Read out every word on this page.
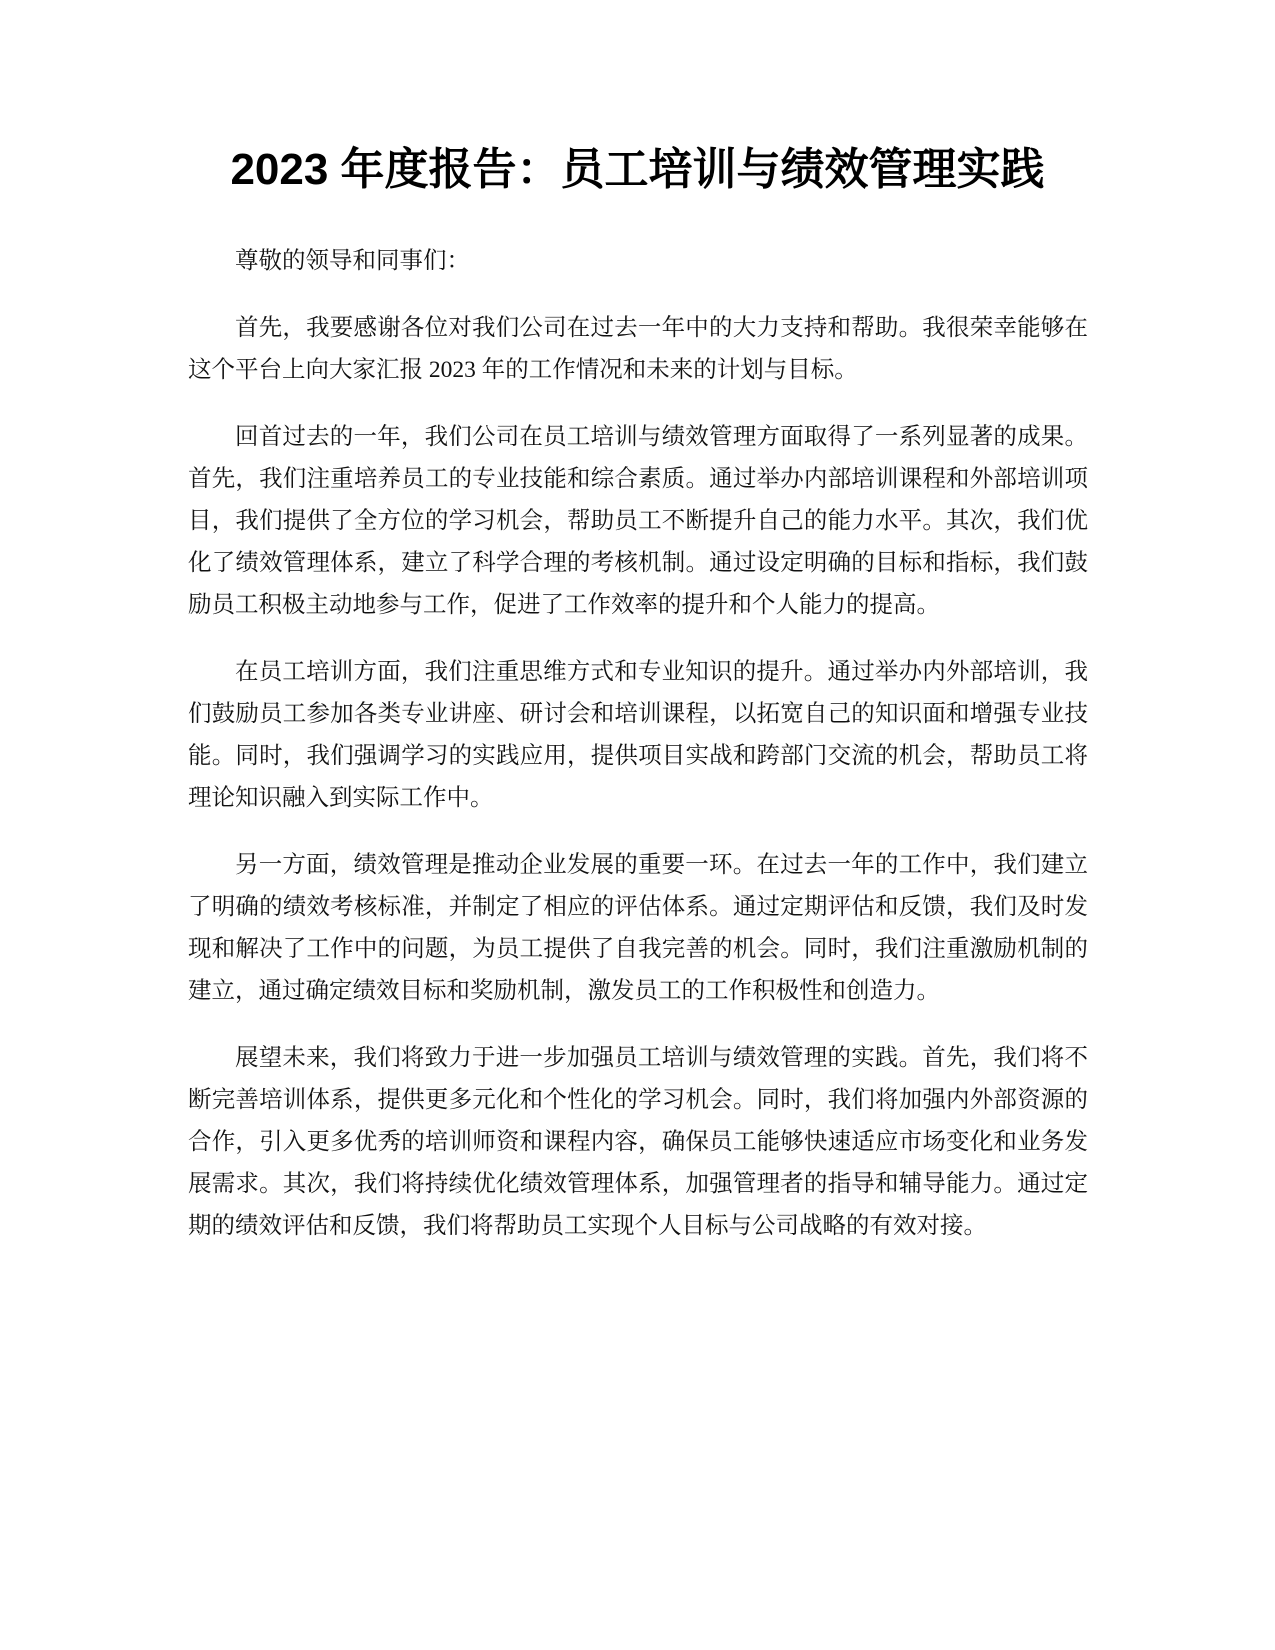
2023 年度报告：员工培训与绩效管理实践

尊敬的领导和同事们：

首先，我要感谢各位对我们公司在过去一年中的大力支持和帮助。我很荣幸能够在这个平台上向大家汇报 2023 年的工作情况和未来的计划与目标。

回首过去的一年，我们公司在员工培训与绩效管理方面取得了一系列显著的成果。首先，我们注重培养员工的专业技能和综合素质。通过举办内部培训课程和外部培训项目，我们提供了全方位的学习机会，帮助员工不断提升自己的能力水平。其次，我们优化了绩效管理体系，建立了科学合理的考核机制。通过设定明确的目标和指标，我们鼓励员工积极主动地参与工作，促进了工作效率的提升和个人能力的提高。

在员工培训方面，我们注重思维方式和专业知识的提升。通过举办内外部培训，我们鼓励员工参加各类专业讲座、研讨会和培训课程，以拓宽自己的知识面和增强专业技能。同时，我们强调学习的实践应用，提供项目实战和跨部门交流的机会，帮助员工将理论知识融入到实际工作中。

另一方面，绩效管理是推动企业发展的重要一环。在过去一年的工作中，我们建立了明确的绩效考核标准，并制定了相应的评估体系。通过定期评估和反馈，我们及时发现和解决了工作中的问题，为员工提供了自我完善的机会。同时，我们注重激励机制的建立，通过确定绩效目标和奖励机制，激发员工的工作积极性和创造力。

展望未来，我们将致力于进一步加强员工培训与绩效管理的实践。首先，我们将不断完善培训体系，提供更多元化和个性化的学习机会。同时，我们将加强内外部资源的合作，引入更多优秀的培训师资和课程内容，确保员工能够快速适应市场变化和业务发展需求。其次，我们将持续优化绩效管理体系，加强管理者的指导和辅导能力。通过定期的绩效评估和反馈，我们将帮助员工实现个人目标与公司战略的有效对接。
